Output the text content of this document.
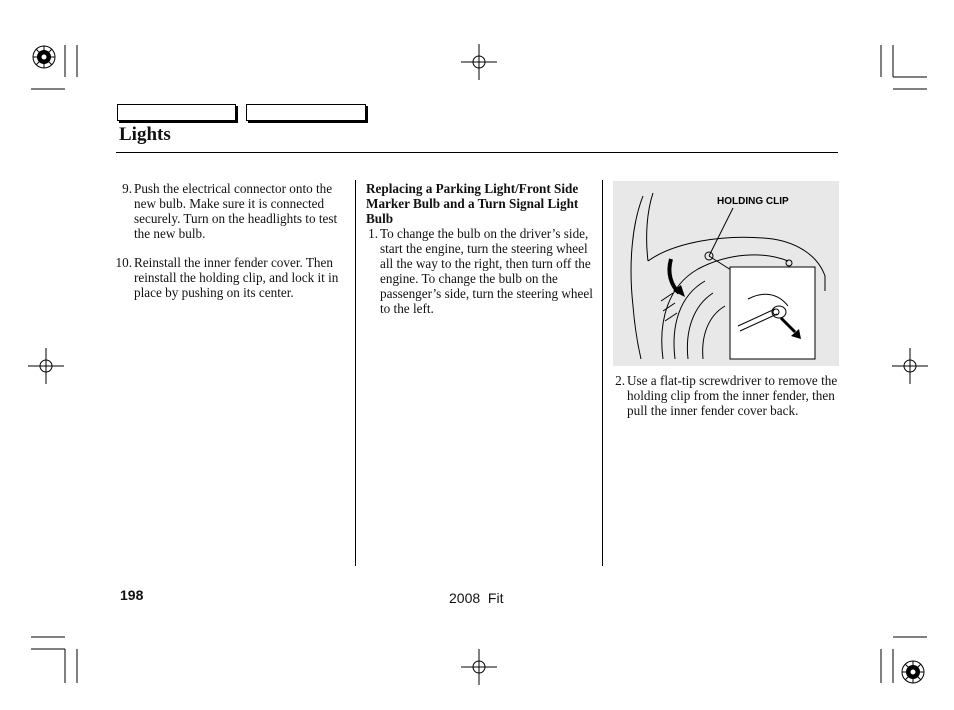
Lights
9. Push the electrical connector onto the new bulb. Make sure it is connected securely. Turn on the headlights to test the new bulb.
10. Reinstall the inner fender cover. Then reinstall the holding clip, and lock it in place by pushing on its center.

Replacing a Parking Light/Front Side Marker Bulb and a Turn Signal Light Bulb

1. To change the bulb on the driver’s side, start the engine, turn the steering wheel all the way to the right, then turn off the engine. To change the bulb on the passenger’s side, turn the steering wheel to the left.
HOLDING CLIP
2. Use a flat-tip screwdriver to remove the holding clip from the inner fender, then pull the inner fender cover back.
198	2008  Fit
